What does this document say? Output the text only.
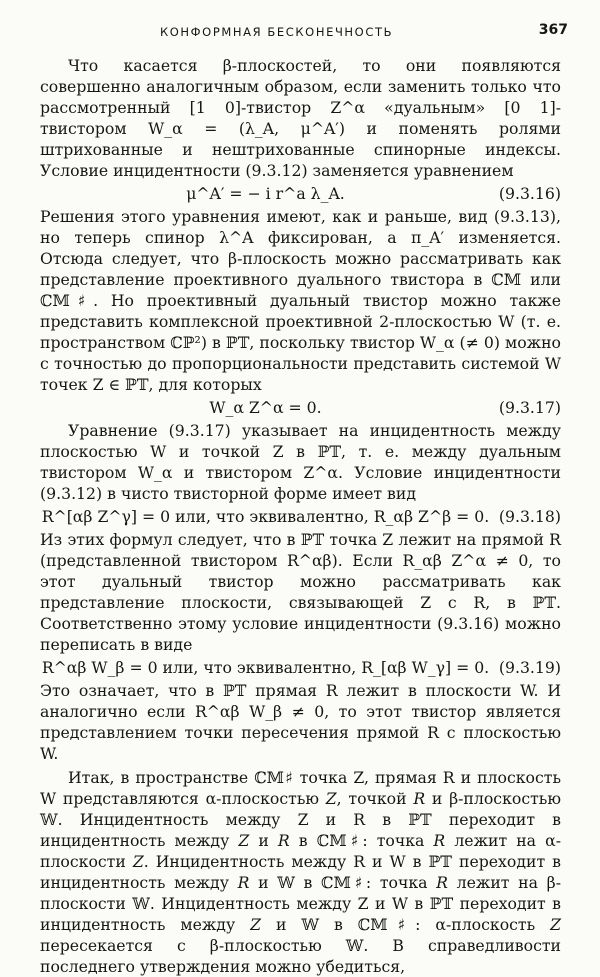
КОНФОРМНАЯ БЕСКОНЕЧНОСТЬ	367

Что касается β-плоскостей, то они появляются совершенно аналогичным образом, если заменить только что рассмотренный [1 0]-твистор Z^α «дуальным» [0 1]-твистором W_α = (λ_A, μ^A′) и поменять ролями штрихованные и нештрихованные спинорные индексы. Условие инцидентности (9.3.12) заменяется уравнением

μ^A′ = − i r^a λ_A.	(9.3.16)

Решения этого уравнения имеют, как и раньше, вид (9.3.13), но теперь спинор λ^A фиксирован, а π_A′ изменяется. Отсюда следует, что β-плоскость можно рассматривать как представление проективного дуального твистора в ℂ𝕄 или ℂ𝕄♯. Но проективный дуальный твистор можно также представить комплексной проективной 2-плоскостью W (т. е. пространством ℂℙ²) в ℙ𝕋, поскольку твистор W_α (≠ 0) можно с точностью до пропорциональности представить системой W точек Z ∈ ℙ𝕋, для которых

W_α Z^α = 0.	(9.3.17)

Уравнение (9.3.17) указывает на инцидентность между плоскостью W и точкой Z в ℙ𝕋, т. е. между дуальным твистором W_α и твистором Z^α. Условие инцидентности (9.3.12) в чисто твисторной форме имеет вид

R^[αβ Z^γ] = 0 или, что эквивалентно, R_αβ Z^β = 0. (9.3.18)

Из этих формул следует, что в ℙ𝕋 точка Z лежит на прямой R (представленной твистором R^αβ). Если R_αβ Z^α ≠ 0, то этот дуальный твистор можно рассматривать как представление плоскости, связывающей Z с R, в ℙ𝕋. Соответственно этому условие инцидентности (9.3.16) можно переписать в виде

R^αβ W_β = 0 или, что эквивалентно, R_[αβ W_γ] = 0. (9.3.19)

Это означает, что в ℙ𝕋 прямая R лежит в плоскости W. И аналогично если R^αβ W_β ≠ 0, то этот твистор является представлением точки пересечения прямой R с плоскостью W.

Итак, в пространстве ℂ𝕄♯ точка Z, прямая R и плоскость W представляются α-плоскостью 𝑍, точкой 𝑅 и β-плоскостью 𝕎. Инцидентность между Z и R в ℙ𝕋 переходит в инцидентность между 𝑍 и 𝑅 в ℂ𝕄♯: точка 𝑅 лежит на α-плоскости 𝑍. Инцидентность между R и W в ℙ𝕋 переходит в инцидентность между 𝑅 и 𝕎 в ℂ𝕄♯: точка 𝑅 лежит на β-плоскости 𝕎. Инцидентность между Z и W в ℙ𝕋 переходит в инцидентность между 𝑍 и 𝕎 в ℂ𝕄♯: α-плоскость 𝑍 пересекается с β-плоскостью 𝕎. В справедливости последнего утверждения можно убедиться,
